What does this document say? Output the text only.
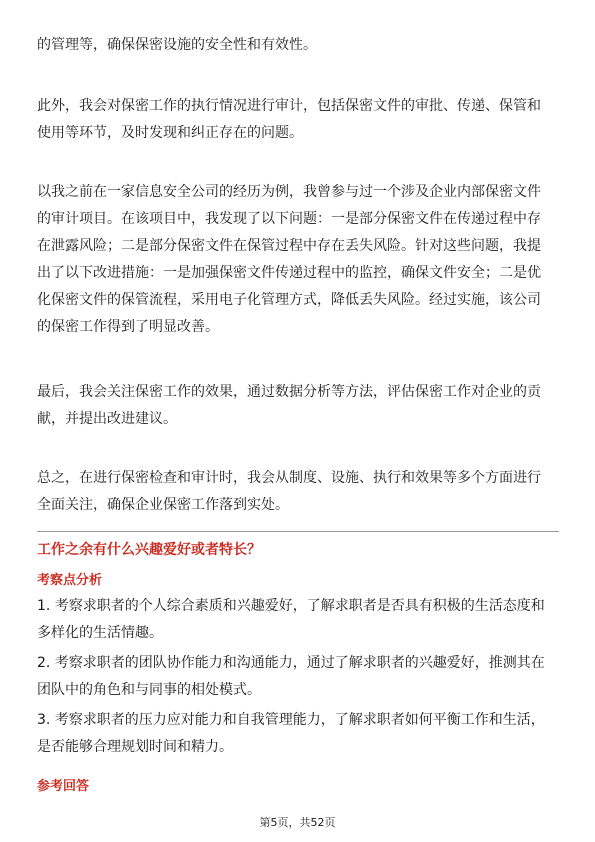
的管理等，确保保密设施的安全性和有效性。
此外，我会对保密工作的执行情况进行审计，包括保密文件的审批、传递、保管和
使用等环节，及时发现和纠正存在的问题。
以我之前在一家信息安全公司的经历为例，我曾参与过一个涉及企业内部保密文件
的审计项目。在该项目中，我发现了以下问题：一是部分保密文件在传递过程中存
在泄露风险；二是部分保密文件在保管过程中存在丢失风险。针对这些问题，我提
出了以下改进措施：一是加强保密文件传递过程中的监控，确保文件安全；二是优
化保密文件的保管流程，采用电子化管理方式，降低丢失风险。经过实施，该公司
的保密工作得到了明显改善。
最后，我会关注保密工作的效果，通过数据分析等方法，评估保密工作对企业的贡
献，并提出改进建议。
总之，在进行保密检查和审计时，我会从制度、设施、执行和效果等多个方面进行
全面关注，确保企业保密工作落到实处。
工作之余有什么兴趣爱好或者特长？
考察点分析
1. 考察求职者的个人综合素质和兴趣爱好，了解求职者是否具有积极的生活态度和
多样化的生活情趣。
2. 考察求职者的团队协作能力和沟通能力，通过了解求职者的兴趣爱好，推测其在
团队中的角色和与同事的相处模式。
3. 考察求职者的压力应对能力和自我管理能力，了解求职者如何平衡工作和生活，
是否能够合理规划时间和精力。
参考回答
第5页，共52页
